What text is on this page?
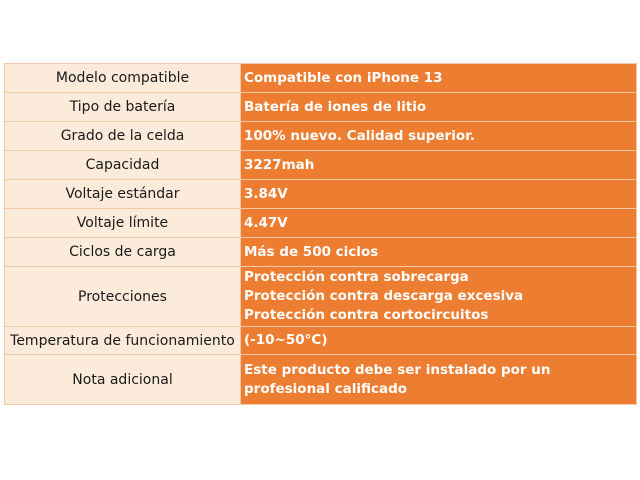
Modelo compatible	Compatible con iPhone 13

Tipo de batería	Batería de iones de litio

Grado de la celda	100% nuevo. Calidad superior.

Capacidad	3227mah

Voltaje estándar	3.84V

Voltaje límite	4.47V

Ciclos de carga	Más de 500 ciclos

Protecciones	Protección contra sobrecarga
Protección contra descarga excesiva
Protección contra cortocircuitos

Temperatura de funcionamiento	(-10~50°C)

Nota adicional	Este producto debe ser instalado por un profesional calificado
